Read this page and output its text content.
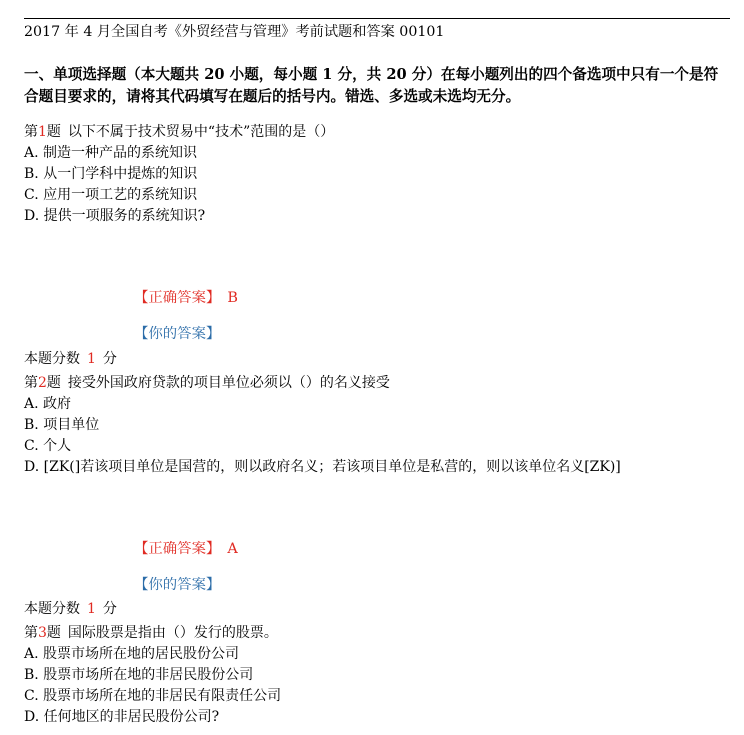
2017 年 4 月全国自考《外贸经营与管理》考前试题和答案 00101
一、单项选择题（本大题共 20 小题，每小题 1 分，共 20 分）在每小题列出的四个备选项中只有一个是符合题目要求的，请将其代码填写在题后的括号内。错选、多选或未选均无分。
第1题 以下不属于技术贸易中“技术”范围的是（）
A. 制造一种产品的系统知识
B. 从一门学科中提炼的知识
C. 应用一项工艺的系统知识
D. 提供一项服务的系统知识?
【正确答案】 B
【你的答案】
本题分数 1 分
第2题 接受外国政府贷款的项目单位必须以（）的名义接受
A. 政府
B. 项目单位
C. 个人
D. [ZK(]若该项目单位是国营的，则以政府名义；若该项目单位是私营的，则以该单位名义[ZK)]
【正确答案】 A
【你的答案】
本题分数 1 分
第3题 国际股票是指由（）发行的股票。
A. 股票市场所在地的居民股份公司
B. 股票市场所在地的非居民股份公司
C. 股票市场所在地的非居民有限责任公司
D. 任何地区的非居民股份公司?
